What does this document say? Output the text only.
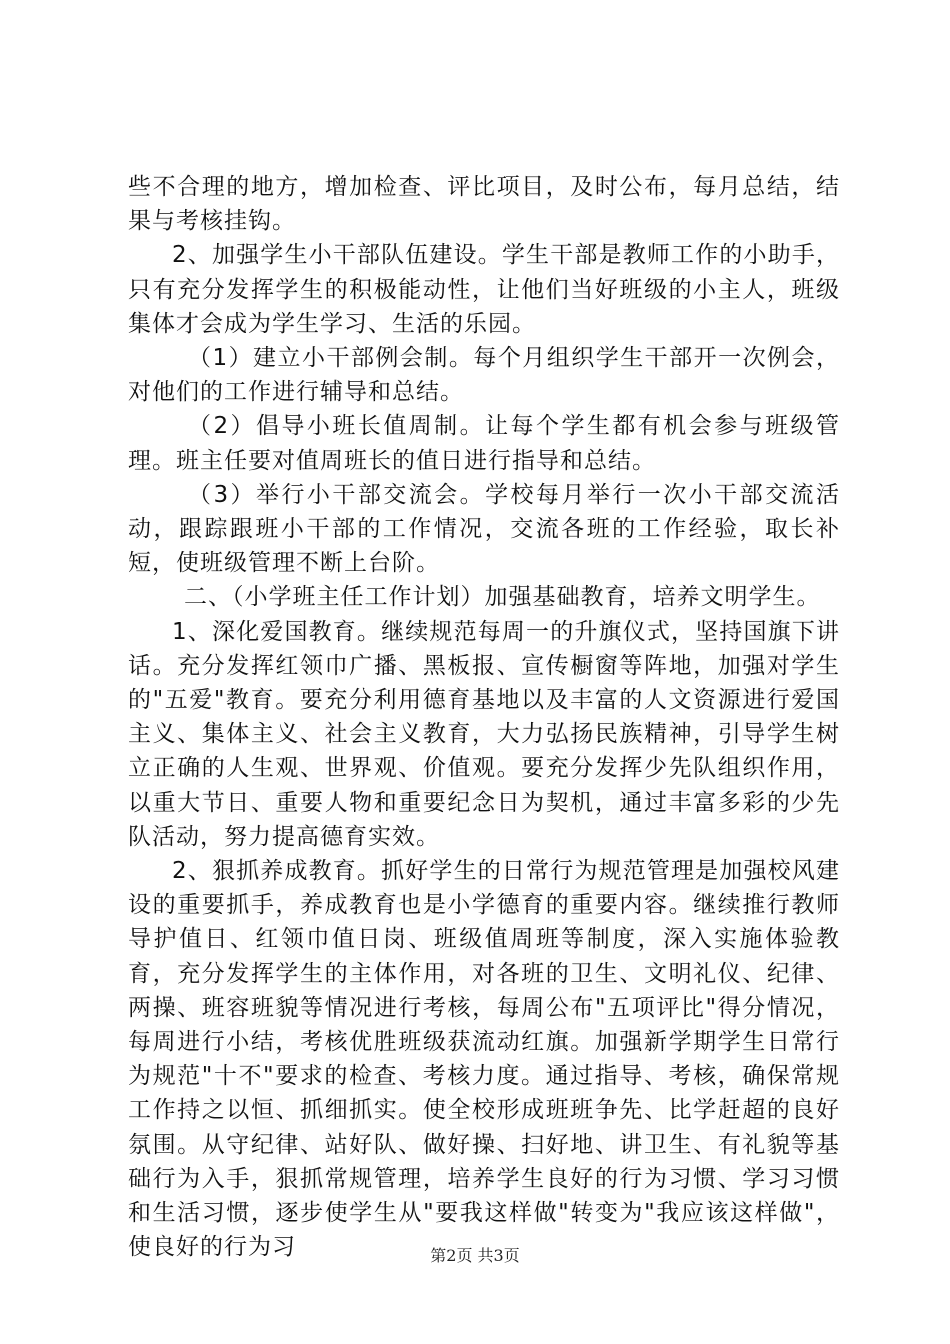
些不合理的地方，增加检查、评比项目，及时公布，每月总结，结果与考核挂钩。

2、加强学生小干部队伍建设。学生干部是教师工作的小助手，只有充分发挥学生的积极能动性，让他们当好班级的小主人，班级集体才会成为学生学习、生活的乐园。

（1）建立小干部例会制。每个月组织学生干部开一次例会，对他们的工作进行辅导和总结。

（2）倡导小班长值周制。让每个学生都有机会参与班级管理。班主任要对值周班长的值日进行指导和总结。

（3）举行小干部交流会。学校每月举行一次小干部交流活动，跟踪跟班小干部的工作情况，交流各班的工作经验，取长补短，使班级管理不断上台阶。

二、（小学班主任工作计划）加强基础教育，培养文明学生。

1、深化爱国教育。继续规范每周一的升旗仪式，坚持国旗下讲话。充分发挥红领巾广播、黑板报、宣传橱窗等阵地，加强对学生的"五爱"教育。要充分利用德育基地以及丰富的人文资源进行爱国主义、集体主义、社会主义教育，大力弘扬民族精神，引导学生树立正确的人生观、世界观、价值观。要充分发挥少先队组织作用，以重大节日、重要人物和重要纪念日为契机，通过丰富多彩的少先队活动，努力提高德育实效。

2、狠抓养成教育。抓好学生的日常行为规范管理是加强校风建设的重要抓手，养成教育也是小学德育的重要内容。继续推行教师导护值日、红领巾值日岗、班级值周班等制度，深入实施体验教育，充分发挥学生的主体作用，对各班的卫生、文明礼仪、纪律、两操、班容班貌等情况进行考核，每周公布"五项评比"得分情况，每周进行小结，考核优胜班级获流动红旗。加强新学期学生日常行为规范"十不"要求的检查、考核力度。通过指导、考核，确保常规工作持之以恒、抓细抓实。使全校形成班班争先、比学赶超的良好氛围。从守纪律、站好队、做好操、扫好地、讲卫生、有礼貌等基础行为入手，狠抓常规管理，培养学生良好的行为习惯、学习习惯和生活习惯，逐步使学生从"要我这样做"转变为"我应该这样做"，使良好的行为习	第2页 共3页
